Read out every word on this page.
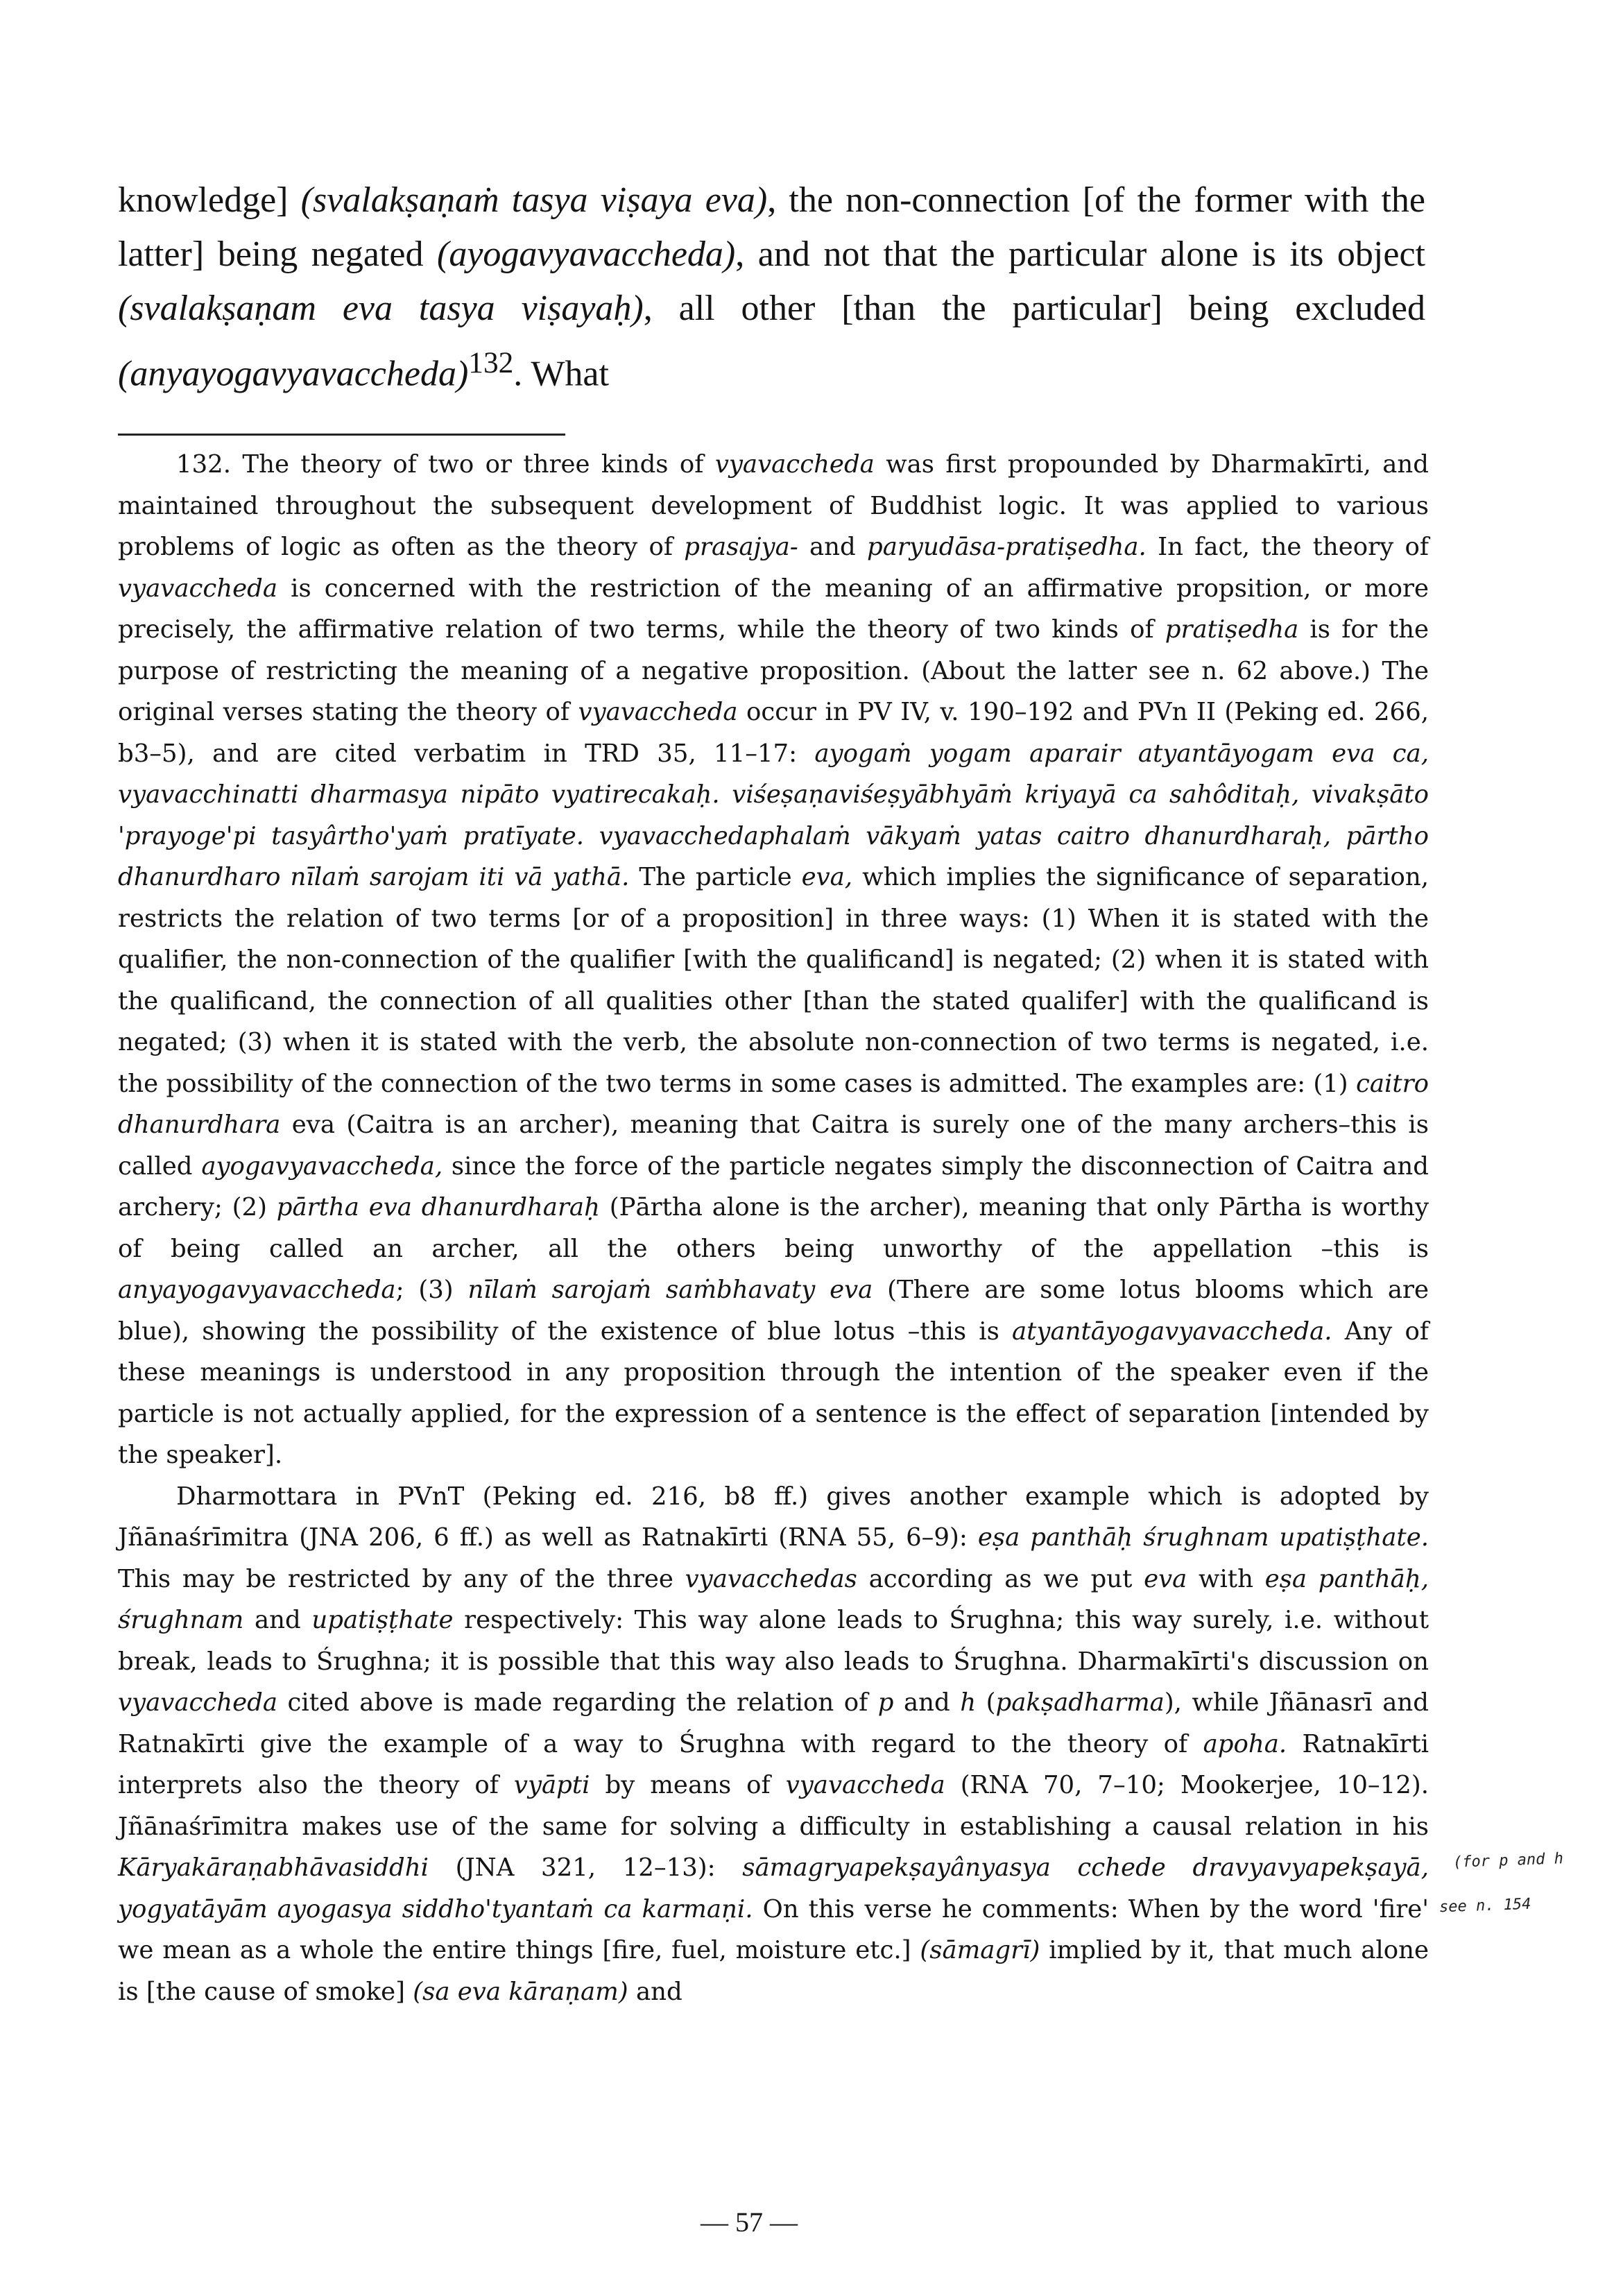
knowledge] (svalakṣaṇaṁ tasya viṣaya eva), the non-connection [of the former with the latter] being negated (ayogavyavaccheda), and not that the particular alone is its object (svalakṣaṇam eva tasya viṣayaḥ), all other [than the particular] being excluded (anyayogavyavaccheda)$^{132}$. What

132. The theory of two or three kinds of vyavaccheda was first propounded by Dharmakīrti, and maintained throughout the subsequent development of Buddhist logic. It was applied to various problems of logic as often as the theory of prasajya- and paryudāsa-pratiṣedha. In fact, the theory of vyavaccheda is concerned with the restriction of the meaning of an affirmative propsition, or more precisely, the affirmative relation of two terms, while the theory of two kinds of pratiṣedha is for the purpose of restricting the meaning of a negative proposition. (About the latter see n. 62 above.) The original verses stating the theory of vyavaccheda occur in PV IV, v. 190–192 and PVn II (Peking ed. 266, b3–5), and are cited verbatim in TRD 35, 11–17: ayogaṁ yogam aparair atyantāyogam eva ca, vyavacchinatti dharmasya nipāto vyatirecakaḥ. viśeṣaṇaviśeṣyābhyāṁ kriyayā ca sahôditaḥ, vivakṣāto 'prayoge'pi tasyârtho'yaṁ pratīyate. vyavacchedaphalaṁ vākyaṁ yatas caitro dhanurdharaḥ, pārtho dhanurdharo nīlaṁ sarojam iti vā yathā. The particle eva, which implies the significance of separation, restricts the relation of two terms [or of a proposition] in three ways: (1) When it is stated with the qualifier, the non-connection of the qualifier [with the qualificand] is negated; (2) when it is stated with the qualificand, the connection of all qualities other [than the stated qualifer] with the qualificand is negated; (3) when it is stated with the verb, the absolute non-connection of two terms is negated, i.e. the possibility of the connection of the two terms in some cases is admitted. The examples are: (1) caitro dhanurdhara eva (Caitra is an archer), meaning that Caitra is surely one of the many archers–this is called ayogavyavaccheda, since the force of the particle negates simply the disconnection of Caitra and archery; (2) pārtha eva dhanurdharaḥ (Pārtha alone is the archer), meaning that only Pārtha is worthy of being called an archer, all the others being unworthy of the appellation –this is anyayogavyavaccheda; (3) nīlaṁ sarojaṁ saṁbhavaty eva (There are some lotus blooms which are blue), showing the possibility of the existence of blue lotus –this is atyantāyogavyavaccheda. Any of these meanings is understood in any proposition through the intention of the speaker even if the particle is not actually applied, for the expression of a sentence is the effect of separation [intended by the speaker].

Dharmottara in PVnT (Peking ed. 216, b8 ff.) gives another example which is adopted by Jñānaśrīmitra (JNA 206, 6 ff.) as well as Ratnakīrti (RNA 55, 6–9): eṣa panthāḥ śrughnam upatiṣṭhate. This may be restricted by any of the three vyavacchedas according as we put eva with eṣa panthāḥ, śrughnam and upatiṣṭhate respectively: This way alone leads to Śrughna; this way surely, i.e. without break, leads to Śrughna; it is possible that this way also leads to Śrughna. Dharmakīrti's discussion on vyavaccheda cited above is made regarding the relation of p and h (pakṣadharma), while Jñānasrī and Ratnakīrti give the example of a way to Śrughna with regard to the theory of apoha. Ratnakīrti interprets also the theory of vyāpti by means of vyavaccheda (RNA 70, 7–10; Mookerjee, 10–12). Jñānaśrīmitra makes use of the same for solving a difficulty in establishing a causal relation in his Kāryakāraṇabhāvasiddhi (JNA 321, 12–13): sāmagryapekṣayânyasya cchede dravyavyapekṣayā, yogyatāyām ayogasya siddho'tyantaṁ ca karmaṇi. On this verse he comments: When by the word 'fire' we mean as a whole the entire things [fire, fuel, moisture etc.] (sāmagrī) implied by it, that much alone is [the cause of smoke] (sa eva kāraṇam) and

(for p and h
see n. 154
— 57 —
